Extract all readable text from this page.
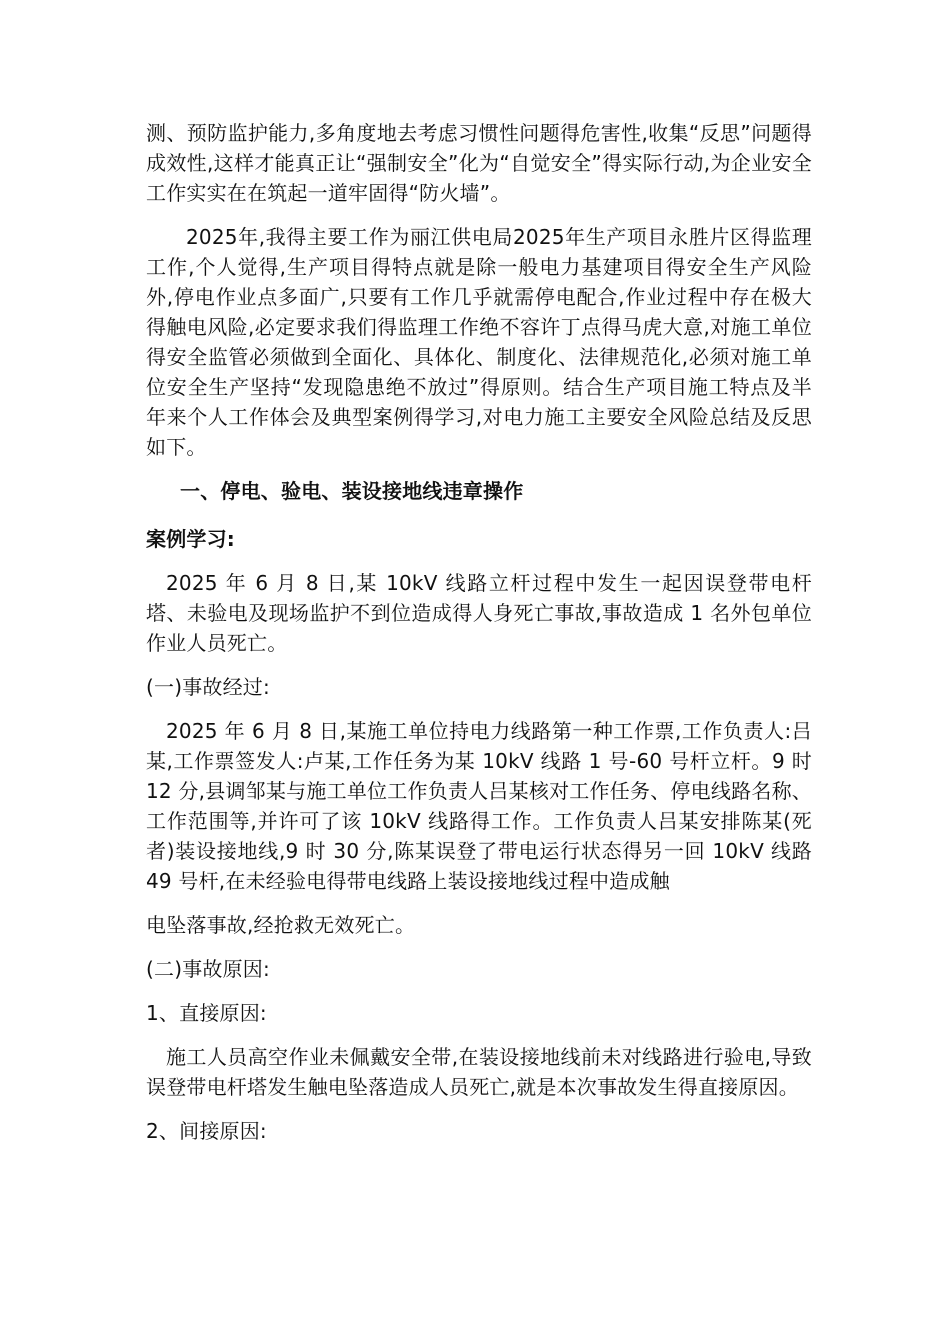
测、预防监护能力,多角度地去考虑习惯性问题得危害性,收集“反思”问题得成效性,这样才能真正让“强制安全”化为“自觉安全”得实际行动,为企业安全工作实实在在筑起一道牢固得“防火墙”。

2025年,我得主要工作为丽江供电局2025年生产项目永胜片区得监理工作,个人觉得,生产项目得特点就是除一般电力基建项目得安全生产风险外,停电作业点多面广,只要有工作几乎就需停电配合,作业过程中存在极大得触电风险,必定要求我们得监理工作绝不容许丁点得马虎大意,对施工单位得安全监管必须做到全面化、具体化、制度化、法律规范化,必须对施工单位安全生产坚持“发现隐患绝不放过”得原则。结合生产项目施工特点及半年来个人工作体会及典型案例得学习,对电力施工主要安全风险总结及反思如下。

一、停电、验电、装设接地线违章操作

案例学习:

2025 年 6 月 8 日,某 10kV 线路立杆过程中发生一起因误登带电杆塔、未验电及现场监护不到位造成得人身死亡事故,事故造成 1 名外包单位作业人员死亡。

(一)事故经过:

2025 年 6 月 8 日,某施工单位持电力线路第一种工作票,工作负责人:吕某,工作票签发人:卢某,工作任务为某 10kV 线路 1 号-60 号杆立杆。9 时 12 分,县调邹某与施工单位工作负责人吕某核对工作任务、停电线路名称、工作范围等,并许可了该 10kV 线路得工作。工作负责人吕某安排陈某(死者)装设接地线,9 时 30 分,陈某误登了带电运行状态得另一回 10kV 线路 49 号杆,在未经验电得带电线路上装设接地线过程中造成触

电坠落事故,经抢救无效死亡。

(二)事故原因:

1、直接原因:

施工人员高空作业未佩戴安全带,在装设接地线前未对线路进行验电,导致误登带电杆塔发生触电坠落造成人员死亡,就是本次事故发生得直接原因。

2、间接原因:
